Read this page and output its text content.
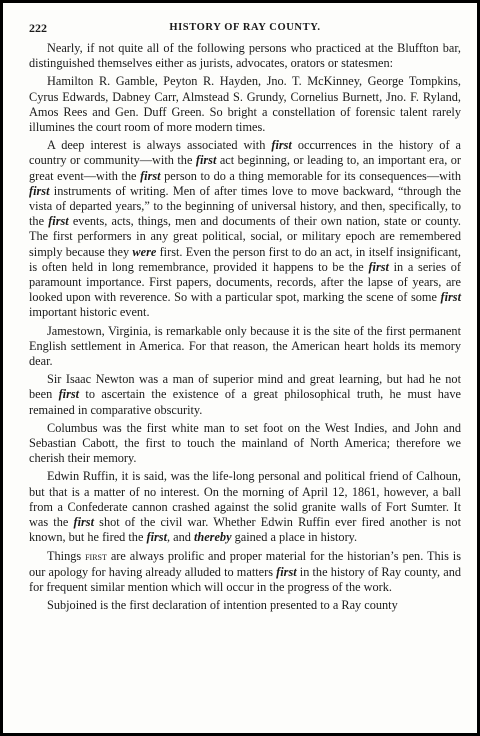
222	HISTORY OF RAY COUNTY.

Nearly, if not quite all of the following persons who practiced at the Bluffton bar, distinguished themselves either as jurists, advocates, orators or statesmen:

Hamilton R. Gamble, Peyton R. Hayden, Jno. T. McKinney, George Tompkins, Cyrus Edwards, Dabney Carr, Almstead S. Grundy, Cornelius Burnett, Jno. F. Ryland, Amos Rees and Gen. Duff Green. So bright a constellation of forensic talent rarely illumines the court room of more modern times.

A deep interest is always associated with first occurrences in the history of a country or community—with the first act beginning, or leading to, an important era, or great event—with the first person to do a thing memorable for its consequences—with first instruments of writing. Men of after times love to move backward, “through the vista of departed years,” to the beginning of universal history, and then, specifically, to the first events, acts, things, men and documents of their own nation, state or county. The first performers in any great political, social, or military epoch are remembered simply because they were first. Even the person first to do an act, in itself insignificant, is often held in long remembrance, provided it happens to be the first in a series of paramount importance. First papers, documents, records, after the lapse of years, are looked upon with reverence. So with a particular spot, marking the scene of some first important historic event.

Jamestown, Virginia, is remarkable only because it is the site of the first permanent English settlement in America. For that reason, the American heart holds its memory dear.

Sir Isaac Newton was a man of superior mind and great learning, but had he not been first to ascertain the existence of a great philosophical truth, he must have remained in comparative obscurity.

Columbus was the first white man to set foot on the West Indies, and John and Sebastian Cabott, the first to touch the mainland of North America; therefore we cherish their memory.

Edwin Ruffin, it is said, was the life-long personal and political friend of Calhoun, but that is a matter of no interest. On the morning of April 12, 1861, however, a ball from a Confederate cannon crashed against the solid granite walls of Fort Sumter. It was the first shot of the civil war. Whether Edwin Ruffin ever fired another is not known, but he fired the first, and thereby gained a place in history.

Things first are always prolific and proper material for the historian’s pen. This is our apology for having already alluded to matters first in the history of Ray county, and for frequent similar mention which will occur in the progress of the work.

Subjoined is the first declaration of intention presented to a Ray county
